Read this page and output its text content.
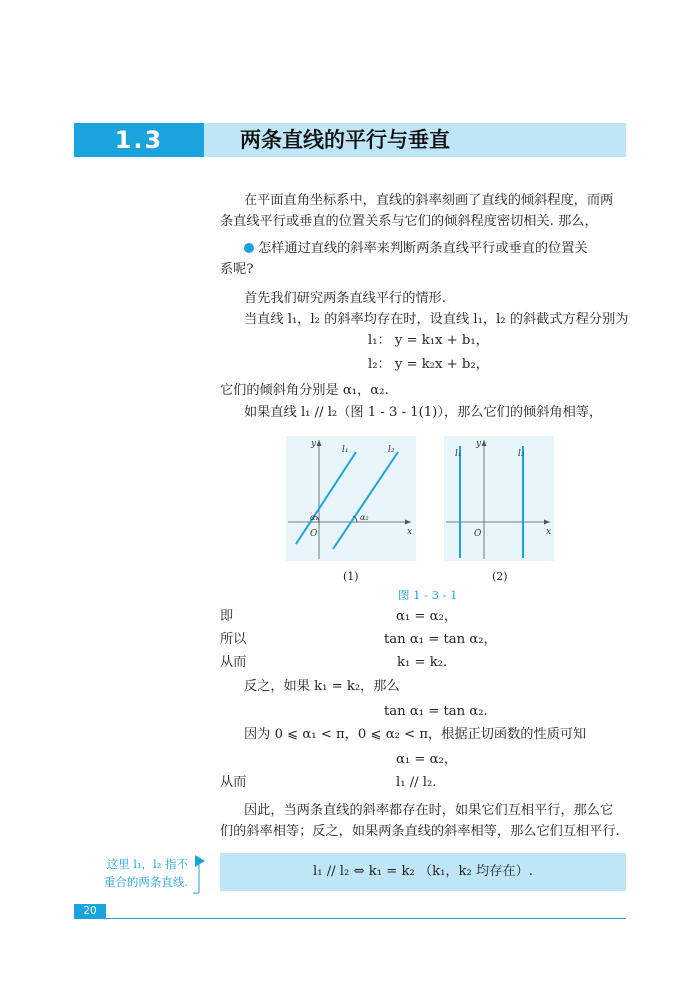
1.3	两条直线的平行与垂直
在平面直角坐标系中，直线的斜率刻画了直线的倾斜程度，而两
条直线平行或垂直的位置关系与它们的倾斜程度密切相关. 那么，
怎样通过直线的斜率来判断两条直线平行或垂直的位置关
系呢?
首先我们研究两条直线平行的情形.
当直线 l₁，l₂ 的斜率均存在时，设直线 l₁，l₂ 的斜截式方程分别为
l₁： y = k₁x + b₁，
l₂： y = k₂x + b₂，
它们的倾斜角分别是 α₁，α₂.
如果直线 l₁ // l₂（图 1 - 3 - 1(1)），那么它们的倾斜角相等，
y
x
O
l₁	l₂
α₁	α₂
(1)
y
x
O
l₁	l₂
(2)
图 1 - 3 - 1
即	α₁ = α₂，
所以	tan α₁ = tan α₂，
从而	k₁ = k₂.
反之，如果 k₁ = k₂，那么
tan α₁ = tan α₂.
因为 0 ⩽ α₁ < π，0 ⩽ α₂ < π，根据正切函数的性质可知
α₁ = α₂，
从而	l₁ // l₂.
因此，当两条直线的斜率都存在时，如果它们互相平行，那么它
们的斜率相等；反之，如果两条直线的斜率相等，那么它们互相平行.
这里 l₁，l₂ 指不
重合的两条直线.
l₁ // l₂ ⇔ k₁ = k₂ （k₁，k₂ 均存在）.
20
